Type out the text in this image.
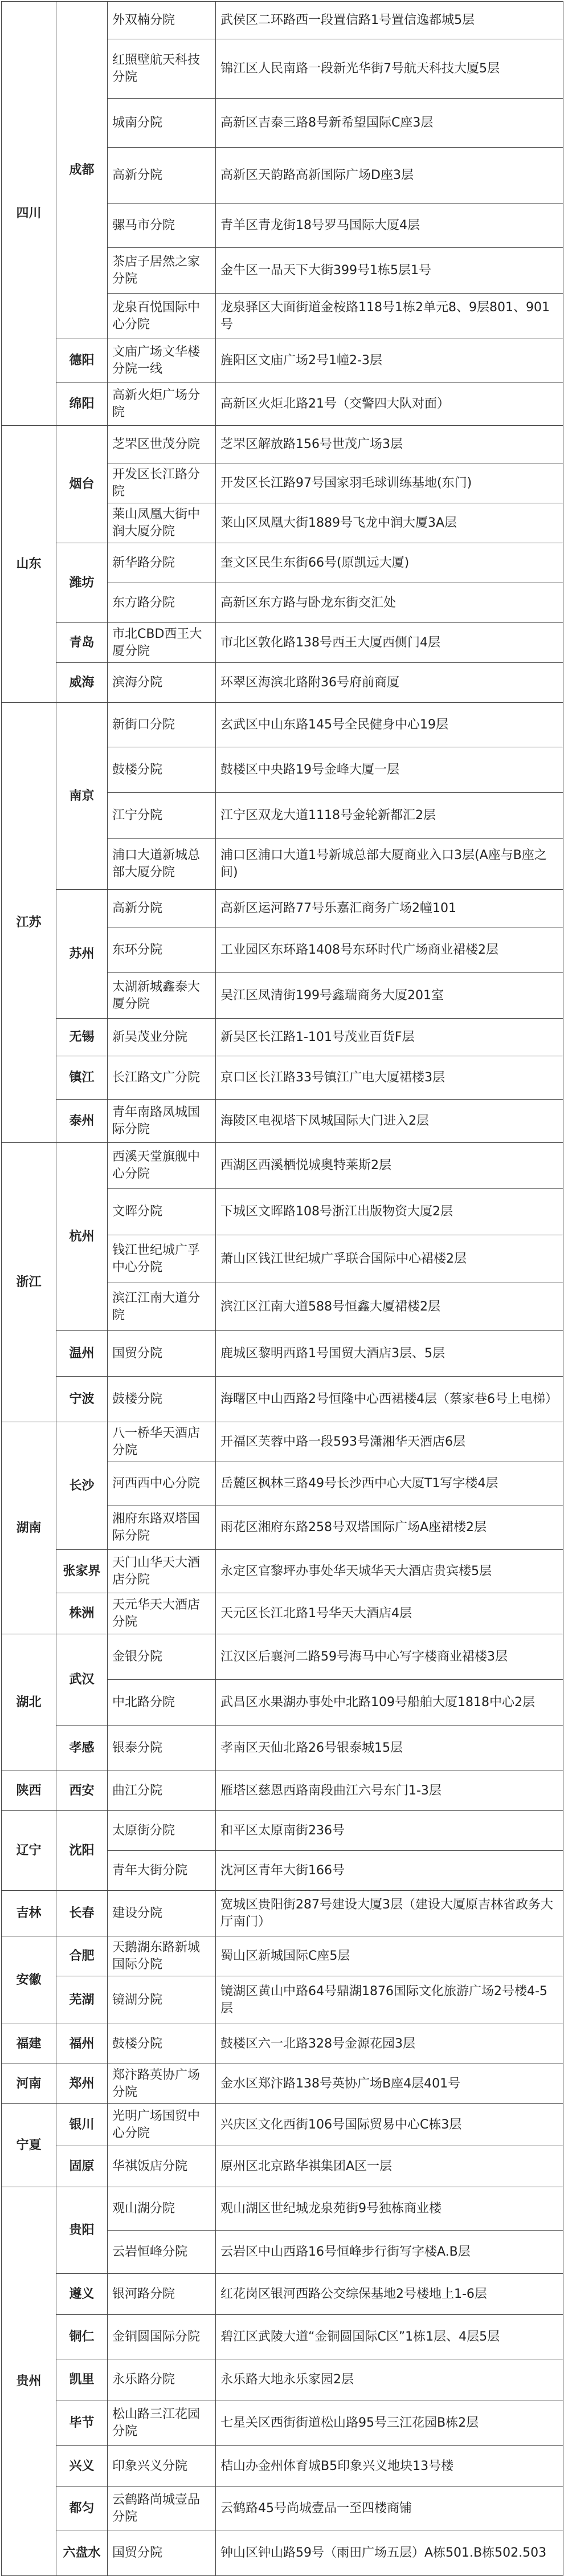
四川	成都	外双楠分院	武侯区二环路西一段置信路1号置信逸都城5层
		红照壁航天科技分院	锦江区人民南路一段新光华街7号航天科技大厦5层
		城南分院	高新区吉泰三路8号新希望国际C座3层
		高新分院	高新区天韵路高新国际广场D座3层
		骡马市分院	青羊区青龙街18号罗马国际大厦4层
		茶店子居然之家分院	金牛区一品天下大街399号1栋5层1号
		龙泉百悦国际中心分院	龙泉驿区大面街道金桉路118号1栋2单元8、9层801、901号
	德阳	文庙广场文华楼分院一线	旌阳区文庙广场2号1幢2-3层
	绵阳	高新火炬广场分院	高新区火炬北路21号（交警四大队对面）
山东	烟台	芝罘区世茂分院	芝罘区解放路156号世茂广场3层
		开发区长江路分院	开发区长江路97号国家羽毛球训练基地(东门)
		莱山凤凰大街中润大厦分院	莱山区凤凰大街1889号飞龙中润大厦3A层
	潍坊	新华路分院	奎文区民生东街66号(原凯远大厦)
		东方路分院	高新区东方路与卧龙东街交汇处
	青岛	市北CBD西王大厦分院	市北区敦化路138号西王大厦西侧门4层
	威海	滨海分院	环翠区海滨北路附36号府前商厦
江苏	南京	新街口分院	玄武区中山东路145号全民健身中心19层
		鼓楼分院	鼓楼区中央路19号金峰大厦一层
		江宁分院	江宁区双龙大道1118号金轮新都汇2层
		浦口大道新城总部大厦分院	浦口区浦口大道1号新城总部大厦商业入口3层(A座与B座之间)
	苏州	高新分院	高新区运河路77号乐嘉汇商务广场2幢101
		东环分院	工业园区东环路1408号东环时代广场商业裙楼2层
		太湖新城鑫泰大厦分院	吴江区凤清街199号鑫瑞商务大厦201室
	无锡	新吴茂业分院	新吴区长江路1-101号茂业百货F层
	镇江	长江路文广分院	京口区长江路33号镇江广电大厦裙楼3层
	泰州	青年南路凤城国际分院	海陵区电视塔下凤城国际大门进入2层
浙江	杭州	西溪天堂旗舰中心分院	西湖区西溪栖悦城奥特莱斯2层
		文晖分院	下城区文晖路108号浙江出版物资大厦2层
		钱江世纪城广孚中心分院	萧山区钱江世纪城广孚联合国际中心裙楼2层
		滨江江南大道分院	滨江区江南大道588号恒鑫大厦裙楼2层
	温州	国贸分院	鹿城区黎明西路1号国贸大酒店3层、5层
	宁波	鼓楼分院	海曙区中山西路2号恒隆中心西裙楼4层（蔡家巷6号上电梯）
湖南	长沙	八一桥华天酒店分院	开福区芙蓉中路一段593号潇湘华天酒店6层
		河西西中心分院	岳麓区枫林三路49号长沙西中心大厦T1写字楼4层
		湘府东路双塔国际分院	雨花区湘府东路258号双塔国际广场A座裙楼2层
	张家界	天门山华天大酒店分院	永定区官黎坪办事处华天城华天大酒店贵宾楼5层
	株洲	天元华天大酒店分院	天元区长江北路1号华天大酒店4层
湖北	武汉	金银分院	江汉区后襄河二路59号海马中心写字楼商业裙楼3层
		中北路分院	武昌区水果湖办事处中北路109号船舶大厦1818中心2层
	孝感	银泰分院	孝南区天仙北路26号银泰城15层
陕西	西安	曲江分院	雁塔区慈恩西路南段曲江六号东门1-3层
辽宁	沈阳	太原街分院	和平区太原南街236号
		青年大街分院	沈河区青年大街166号
吉林	长春	建设分院	宽城区贵阳街287号建设大厦3层（建设大厦原吉林省政务大厅南门）
安徽	合肥	天鹅湖东路新城国际分院	蜀山区新城国际C座5层
	芜湖	镜湖分院	镜湖区黄山中路64号鼎湖1876国际文化旅游广场2号楼4-5层
福建	福州	鼓楼分院	鼓楼区六一北路328号金源花园3层
河南	郑州	郑汴路英协广场分院	金水区郑汴路138号英协广场B座4层401号
宁夏	银川	光明广场国贸中心分院	兴庆区文化西街106号国际贸易中心C栋3层
	固原	华祺饭店分院	原州区北京路华祺集团A区一层
贵州	贵阳	观山湖分院	观山湖区世纪城龙泉苑街9号独栋商业楼
		云岩恒峰分院	云岩区中山西路16号恒峰步行街写字楼A.B层
	遵义	银河路分院	红花岗区银河西路公交综保基地2号楼地上1-6层
	铜仁	金铜圆国际分院	碧江区武陵大道“金铜圆国际C区”1栋1层、4层5层
	凯里	永乐路分院	永乐路大地永乐家园2层
	毕节	松山路三江花园分院	七星关区西街街道松山路95号三江花园B栋2层
	兴义	印象兴义分院	桔山办金州体育城B5印象兴义地块13号楼
	都匀	云鹤路尚城壹品分院	云鹤路45号尚城壹品一至四楼商铺
	六盘水	国贸分院	钟山区钟山路59号（雨田广场五层）A栋501.B栋502.503
